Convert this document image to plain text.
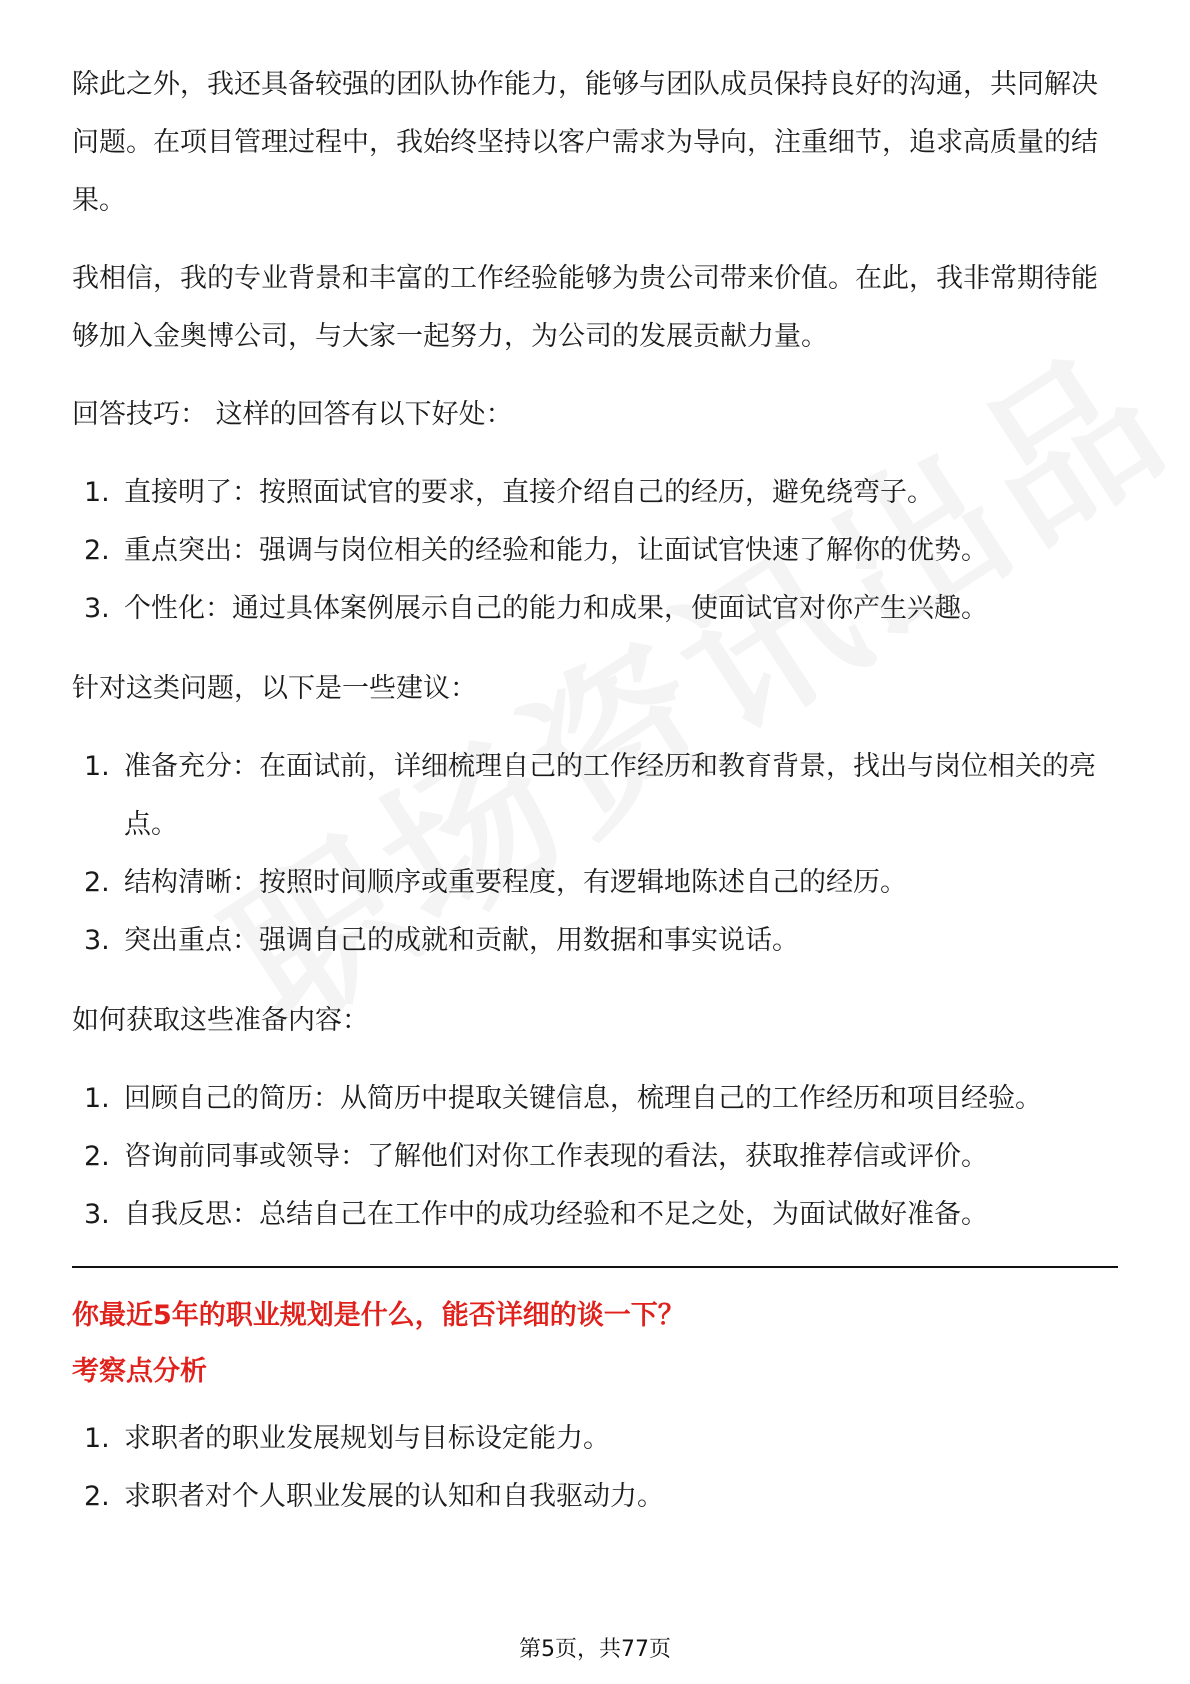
除此之外，我还具备较强的团队协作能力，能够与团队成员保持良好的沟通，共同解决问题。在项目管理过程中，我始终坚持以客户需求为导向，注重细节，追求高质量的结果。

我相信，我的专业背景和丰富的工作经验能够为贵公司带来价值。在此，我非常期待能够加入金奥博公司，与大家一起努力，为公司的发展贡献力量。

回答技巧： 这样的回答有以下好处：

1. 直接明了：按照面试官的要求，直接介绍自己的经历，避免绕弯子。
2. 重点突出：强调与岗位相关的经验和能力，让面试官快速了解你的优势。
3. 个性化：通过具体案例展示自己的能力和成果，使面试官对你产生兴趣。

针对这类问题，以下是一些建议：

1. 准备充分：在面试前，详细梳理自己的工作经历和教育背景，找出与岗位相关的亮点。
2. 结构清晰：按照时间顺序或重要程度，有逻辑地陈述自己的经历。
3. 突出重点：强调自己的成就和贡献，用数据和事实说话。

如何获取这些准备内容：

1. 回顾自己的简历：从简历中提取关键信息，梳理自己的工作经历和项目经验。
2. 咨询前同事或领导：了解他们对你工作表现的看法，获取推荐信或评价。
3. 自我反思：总结自己在工作中的成功经验和不足之处，为面试做好准备。

你最近5年的职业规划是什么，能否详细的谈一下？

考察点分析

1. 求职者的职业发展规划与目标设定能力。
2. 求职者对个人职业发展的认知和自我驱动力。
第5页，共77页
